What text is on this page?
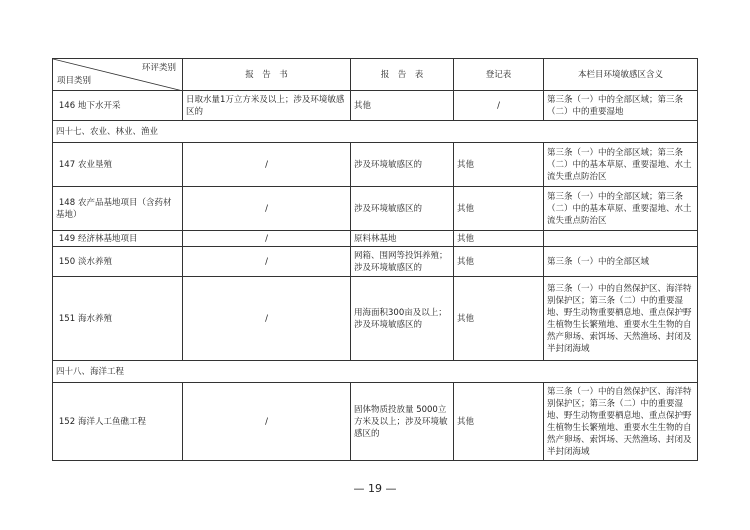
环评类别
项目类别	报　告　书	报　告　表	登记表	本栏目环境敏感区含义
146 地下水开采	日取水量1万立方米及以上；涉及环境敏感区的	其他	/	第三条（一）中的全部区域；第三条（二）中的重要湿地
四十七、农业、林业、渔业				
147 农业垦殖	/	涉及环境敏感区的	其他	第三条（一）中的全部区域；第三条（二）中的基本草原、重要湿地、水土流失重点防治区
148 农产品基地项目（含药材基地）	/	涉及环境敏感区的	其他	第三条（一）中的全部区域；第三条（二）中的基本草原、重要湿地、水土流失重点防治区
149 经济林基地项目	/	原料林基地	其他	
150 淡水养殖	/	网箱、围网等投饵养殖；涉及环境敏感区的	其他	第三条（一）中的全部区域
151 海水养殖	/	用海面积300亩及以上；涉及环境敏感区的	其他	第三条（一）中的自然保护区、海洋特别保护区；第三条（二）中的重要湿地、野生动物重要栖息地、重点保护野生植物生长繁殖地、重要水生生物的自然产卵场、索饵场、天然渔场、封闭及半封闭海域
四十八、海洋工程				
152 海洋人工鱼礁工程	/	固体物质投放量 5000立方米及以上；涉及环境敏感区的	其他	第三条（一）中的自然保护区、海洋特别保护区；第三条（二）中的重要湿地、野生动物重要栖息地、重点保护野生植物生长繁殖地、重要水生生物的自然产卵场、索饵场、天然渔场、封闭及半封闭海域
— 19 —
